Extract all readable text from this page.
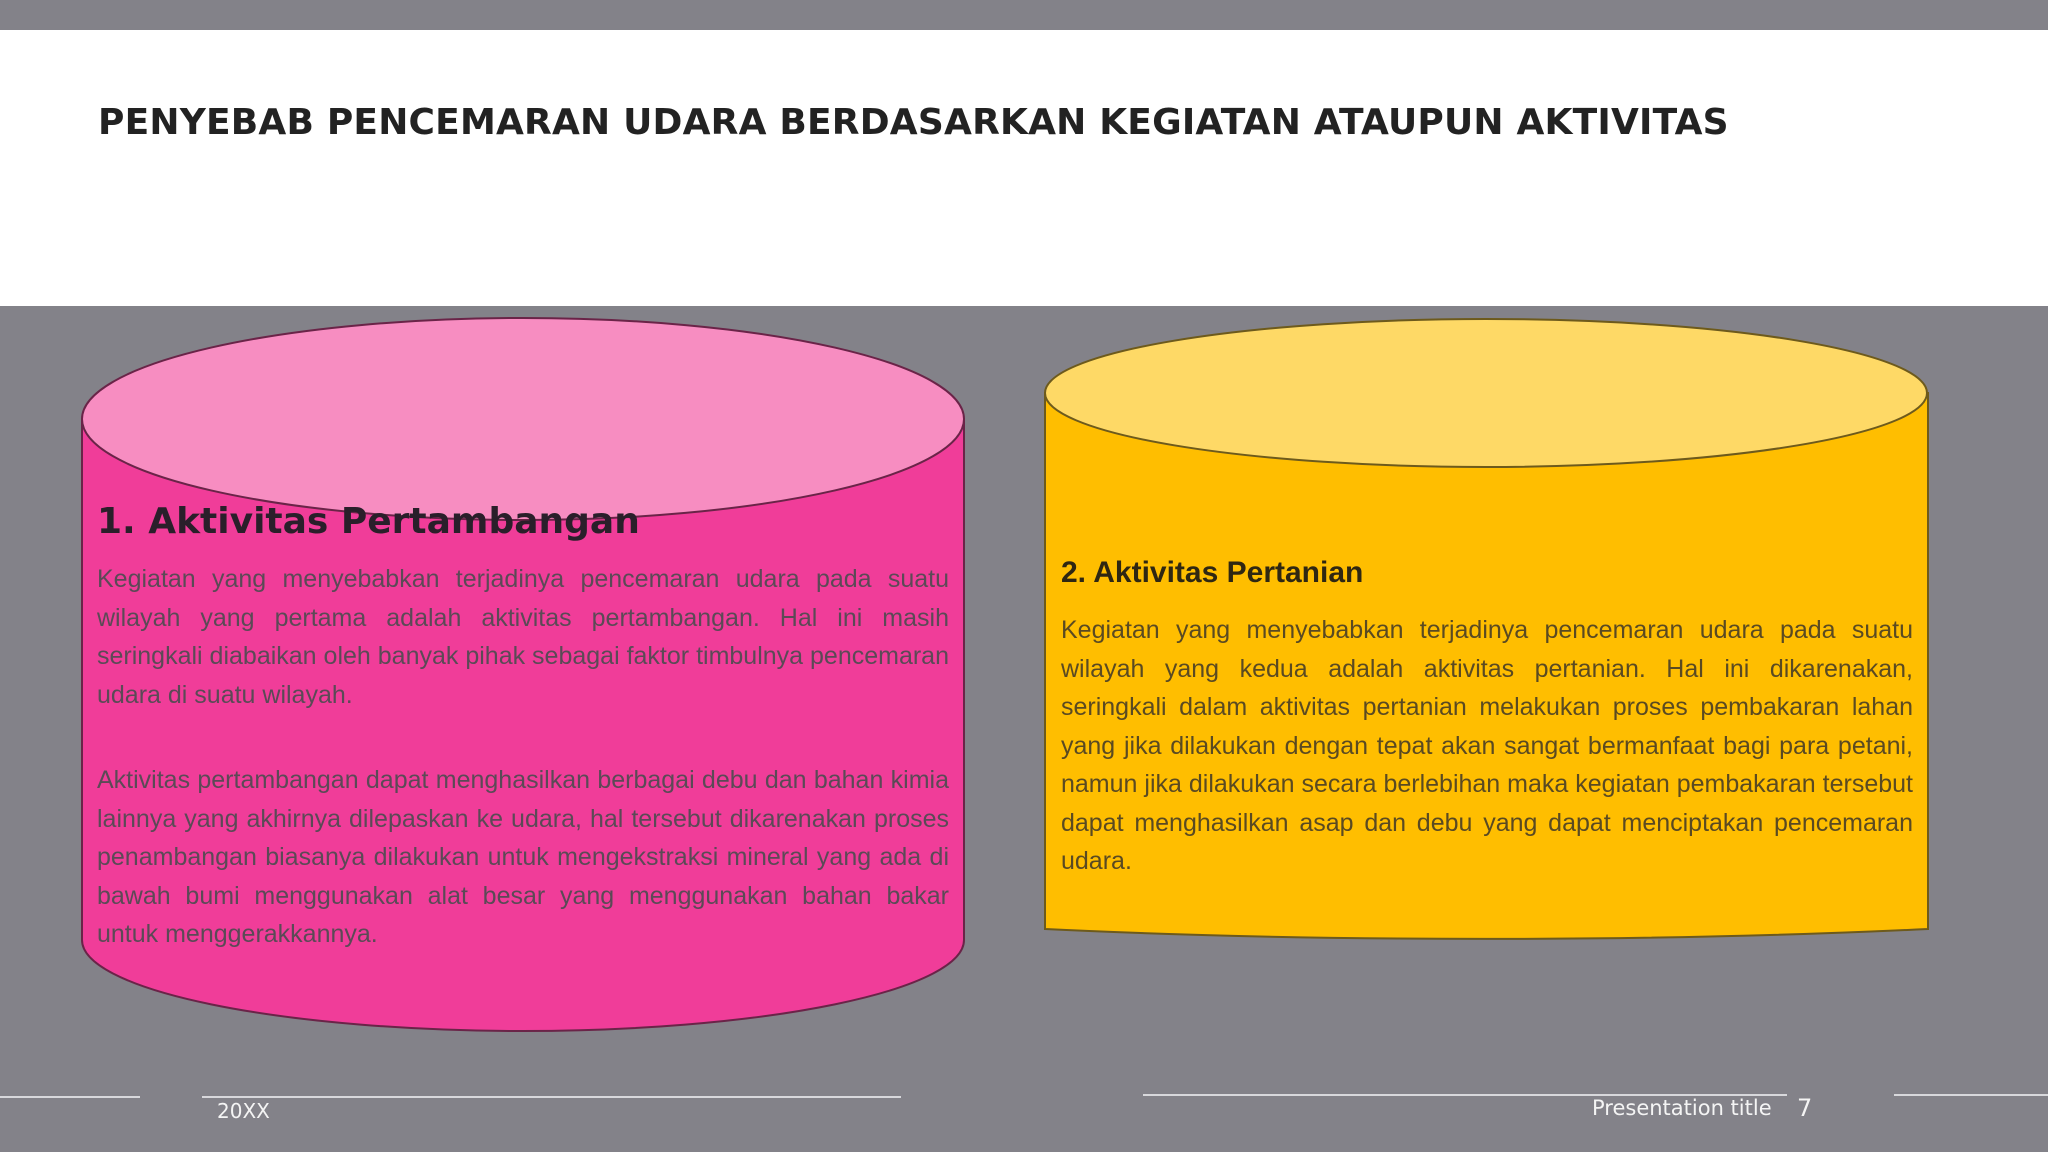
PENYEBAB PENCEMARAN UDARA BERDASARKAN KEGIATAN ATAUPUN AKTIVITAS
1. Aktivitas Pertambangan

Kegiatan yang menyebabkan terjadinya pencemaran udara pada suatu wilayah yang pertama adalah aktivitas pertambangan. Hal ini masih seringkali diabaikan oleh banyak pihak sebagai faktor timbulnya pencemaran udara di suatu wilayah.

Aktivitas pertambangan dapat menghasilkan berbagai debu dan bahan kimia lainnya yang akhirnya dilepaskan ke udara, hal tersebut dikarenakan proses penambangan biasanya dilakukan untuk mengekstraksi mineral yang ada di bawah bumi menggunakan alat besar yang menggunakan bahan bakar untuk menggerakkannya.

2. Aktivitas Pertanian

Kegiatan yang menyebabkan terjadinya pencemaran udara pada suatu wilayah yang kedua adalah aktivitas pertanian. Hal ini dikarenakan, seringkali dalam aktivitas pertanian melakukan proses pembakaran lahan yang jika dilakukan dengan tepat akan sangat bermanfaat bagi para petani, namun jika dilakukan secara berlebihan maka kegiatan pembakaran tersebut dapat menghasilkan asap dan debu yang dapat menciptakan pencemaran udara.

20XX	Presentation title 7
